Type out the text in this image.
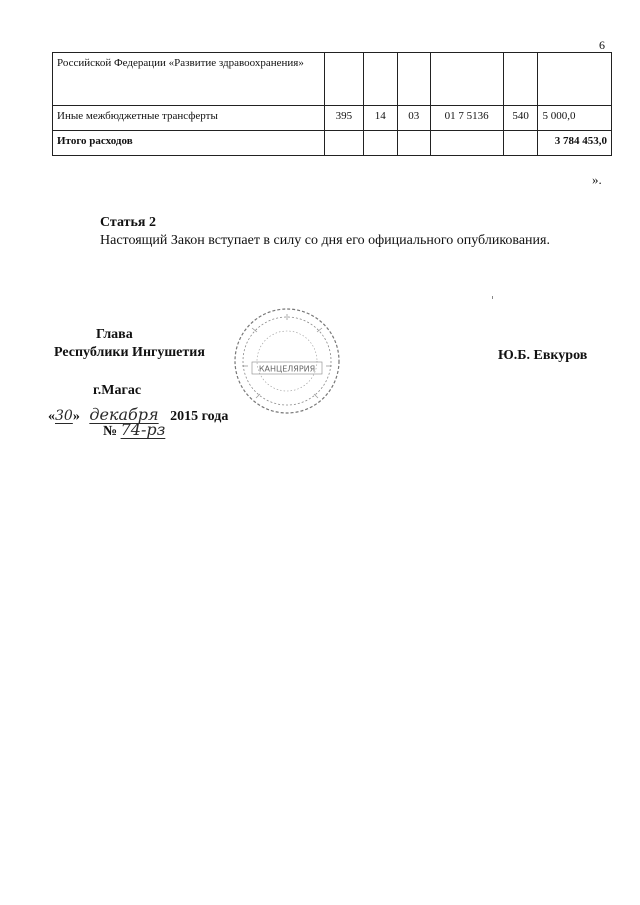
6
Российской Федерации «Развитие здравоохранения»						
Иные межбюджетные трансферты	395	14	03	01 7 5136	540	5 000,0
Итого расходов						3 784 453,0
».
Статья 2
Настоящий Закон вступает в силу со дня его официального опубликования.
КАНЦЕЛЯРИЯ
Глава
Республики Ингушетия	Ю.Б. Евкуров
г.Магас
«30» декабря 2015 года
№ 74-рз
